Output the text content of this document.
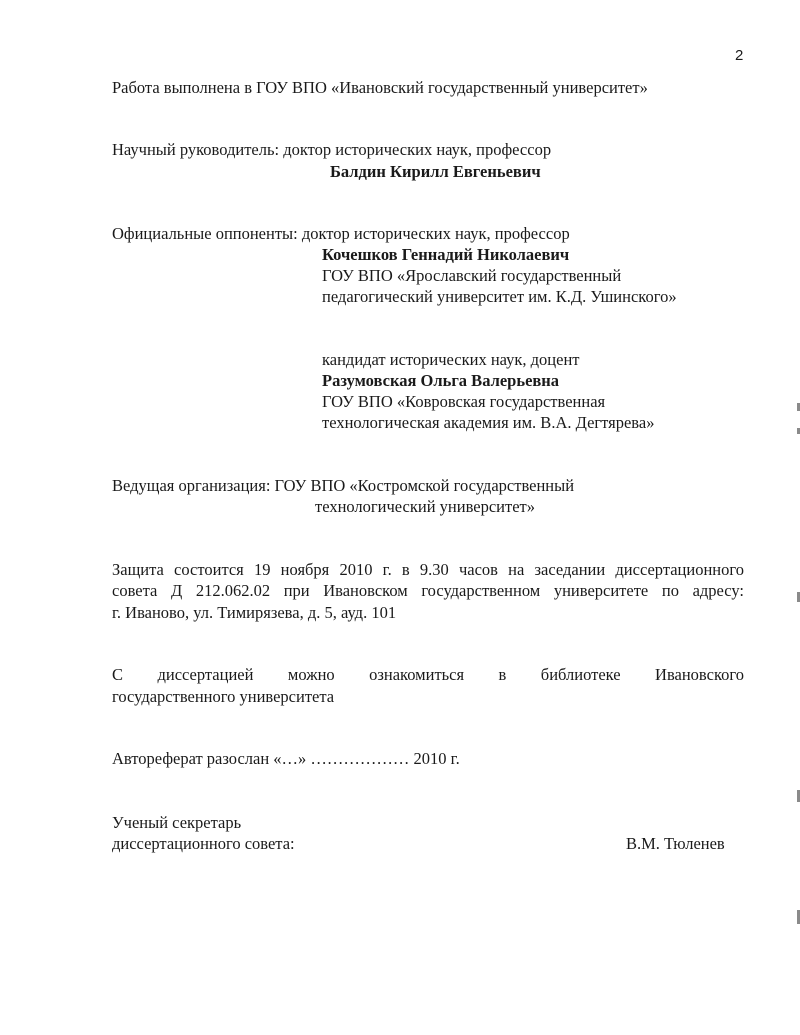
2
Работа выполнена в ГОУ ВПО «Ивановский государственный университет»
Научный руководитель: доктор исторических наук, профессор
Балдин Кирилл Евгеньевич
Официальные оппоненты: доктор исторических наук, профессор
Кочешков Геннадий Николаевич
ГОУ ВПО «Ярославский государственный
педагогический университет им. К.Д. Ушинского»
кандидат исторических наук, доцент
Разумовская Ольга Валерьевна
ГОУ ВПО «Ковровская государственная
технологическая академия им. В.А. Дегтярева»
Ведущая организация: ГОУ ВПО «Костромской государственный
технологический университет»
Защита состоится 19 ноября 2010 г. в 9.30 часов на заседании диссертационного
совета Д 212.062.02 при Ивановском государственном университете по адресу:
г. Иваново, ул. Тимирязева, д. 5, ауд. 101
С диссертацией можно ознакомиться в библиотеке Ивановского
государственного университета
Автореферат разослан «…» ……………… 2010 г.
Ученый секретарь
диссертационного совета:	В.М. Тюленев
